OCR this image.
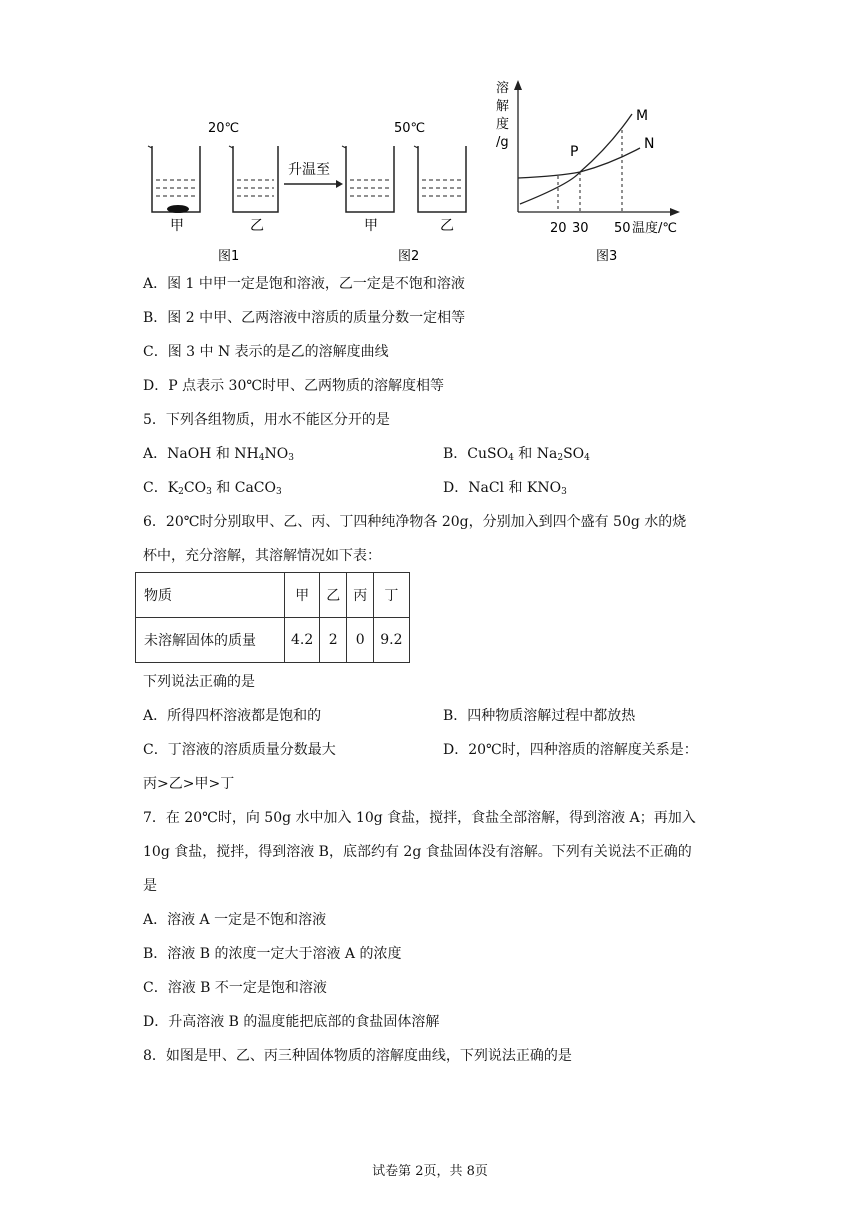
20℃
甲	乙
图1
升温至
50℃
甲	乙
图2
溶
解
度
/g
M
N
P
20 30 50 温度/℃
图3
A．图 1 中甲一定是饱和溶液，乙一定是不饱和溶液
B．图 2 中甲、乙两溶液中溶质的质量分数一定相等
C．图 3 中 N 表示的是乙的溶解度曲线
D．P 点表示 30℃时甲、乙两物质的溶解度相等
5．下列各组物质，用水不能区分开的是
A．NaOH 和 $NH_4NO_3$	B．CuSO$_4$ 和 $Na_2SO_4$
C．$K_2CO_3$ 和 CaCO$_3$	D．NaCl 和 $KNO_3$
6．20℃时分别取甲、乙、丙、丁四种纯净物各 20g，分别加入到四个盛有 50g 水的烧
杯中，充分溶解，其溶解情况如下表：
物质	甲	乙	丙	丁
未溶解固体的质量	4.2	2	0	9.2
下列说法正确的是
A．所得四杯溶液都是饱和的	B．四种物质溶解过程中都放热
C．丁溶液的溶质质量分数最大	D．20℃时，四种溶质的溶解度关系是：
丙>乙>甲>丁
7．在 20℃时，向 50g 水中加入 10g 食盐，搅拌，食盐全部溶解，得到溶液 A；再加入
10g 食盐，搅拌，得到溶液 B，底部约有 2g 食盐固体没有溶解。下列有关说法不正确的
是
A．溶液 A 一定是不饱和溶液
B．溶液 B 的浓度一定大于溶液 A 的浓度
C．溶液 B 不一定是饱和溶液
D．升高溶液 B 的温度能把底部的食盐固体溶解
8．如图是甲、乙、丙三种固体物质的溶解度曲线，下列说法正确的是
试卷第 2页，共 8页
